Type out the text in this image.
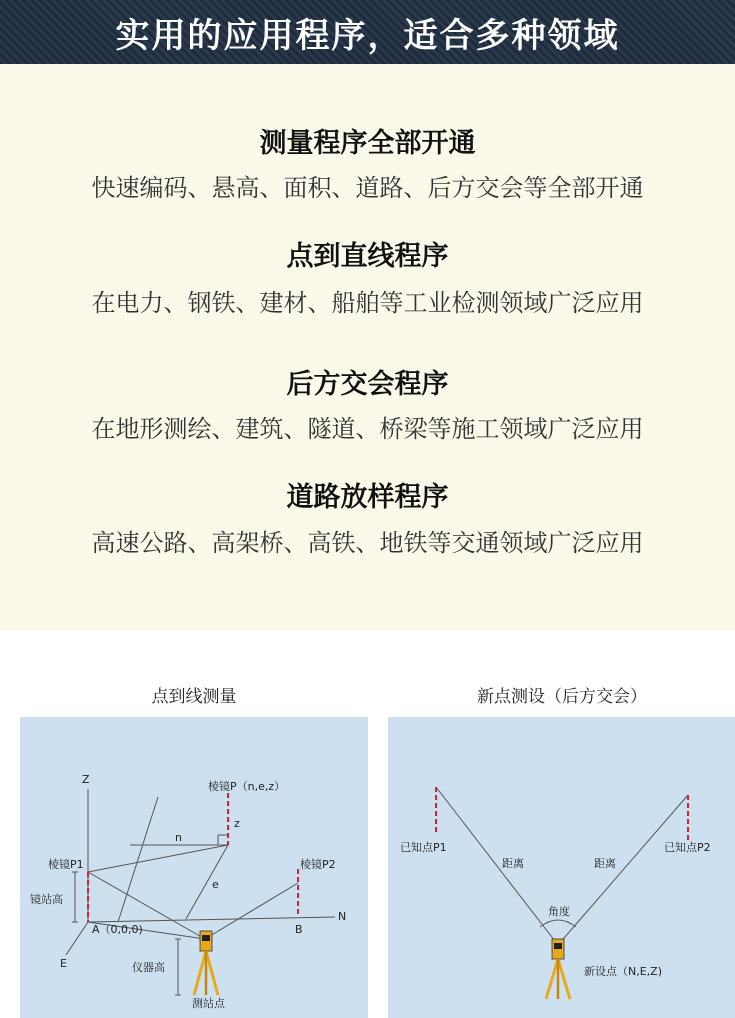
实用的应用程序，适合多种领域
测量程序全部开通
快速编码、悬高、面积、道路、后方交会等全部开通
点到直线程序
在电力、钢铁、建材、船舶等工业检测领域广泛应用
后方交会程序
在地形测绘、建筑、隧道、桥梁等施工领域广泛应用
道路放样程序
高速公路、高架桥、高铁、地铁等交通领域广泛应用
点到线测量	新点测设（后方交会）
Z
棱镜P（n,e,z）
z
n
棱镜P1	棱镜P2
e
镜站高
A（0,0,0)	B
N
E	仪器高
测站点
已知点P1	已知点P2
距离	距离
角度
新设点（N,E,Z)
